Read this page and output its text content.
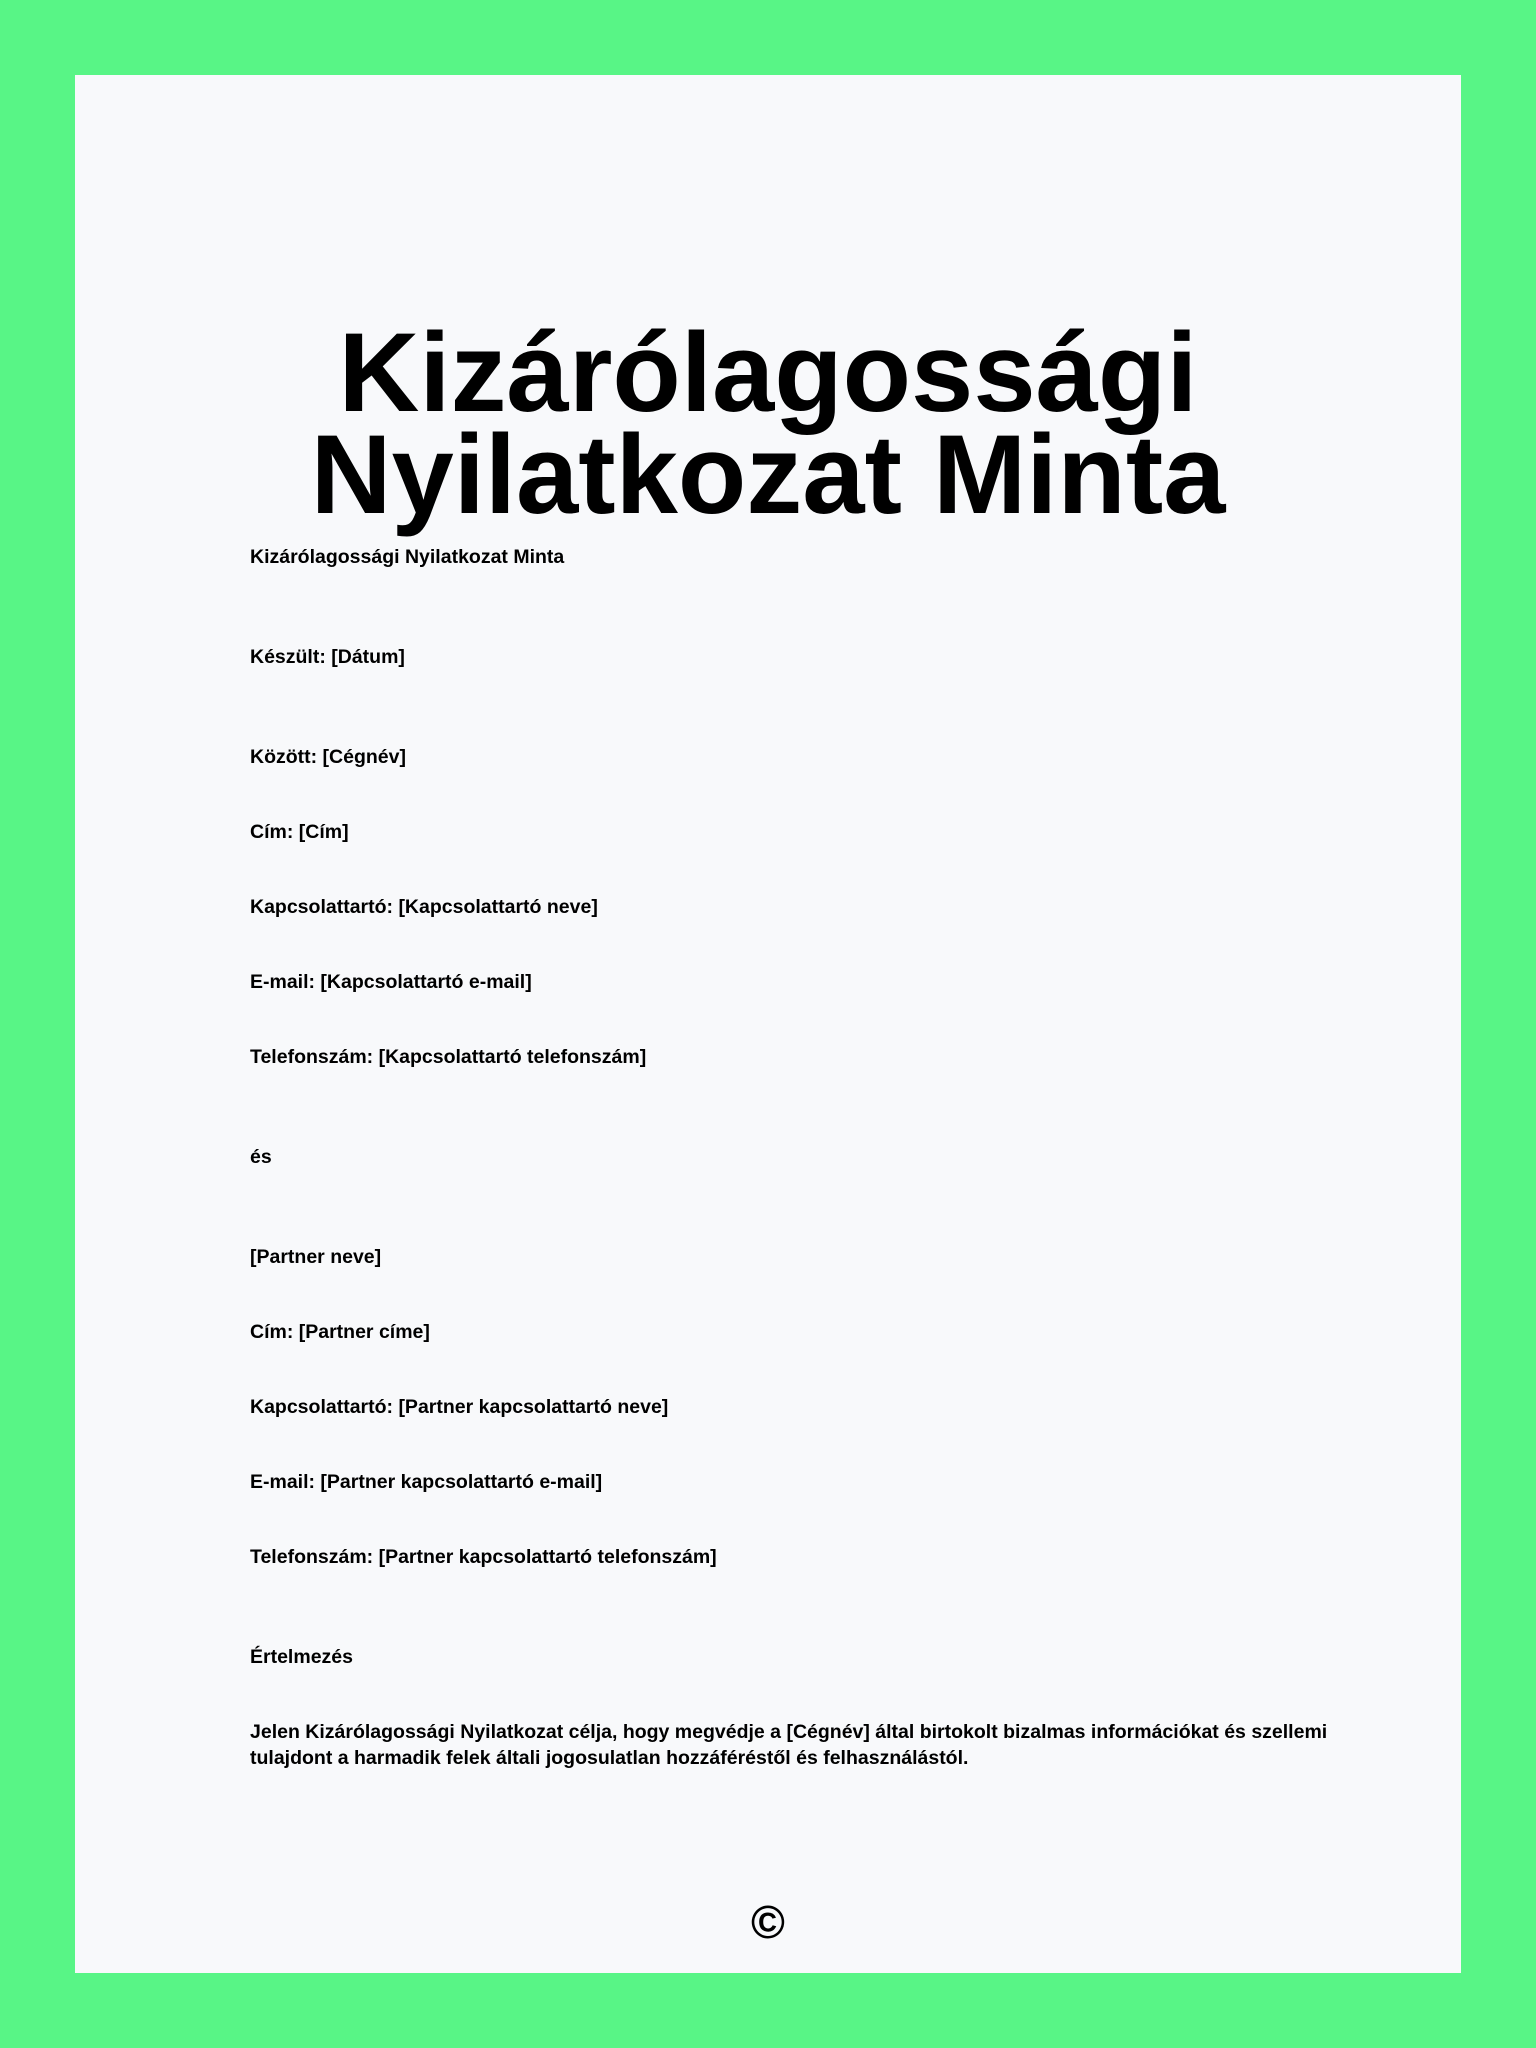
Kizárólagossági Nyilatkozat Minta

Kizárólagossági Nyilatkozat Minta

Készült: [Dátum]

Között: [Cégnév]

Cím: [Cím]

Kapcsolattartó: [Kapcsolattartó neve]

E-mail: [Kapcsolattartó e-mail]

Telefonszám: [Kapcsolattartó telefonszám]

és

[Partner neve]

Cím: [Partner címe]

Kapcsolattartó: [Partner kapcsolattartó neve]

E-mail: [Partner kapcsolattartó e-mail]

Telefonszám: [Partner kapcsolattartó telefonszám]

Értelmezés

Jelen Kizárólagossági Nyilatkozat célja, hogy megvédje a [Cégnév] által birtokolt bizalmas információkat és szellemi tulajdont a harmadik felek általi jogosulatlan hozzáféréstől és felhasználástól.

©
